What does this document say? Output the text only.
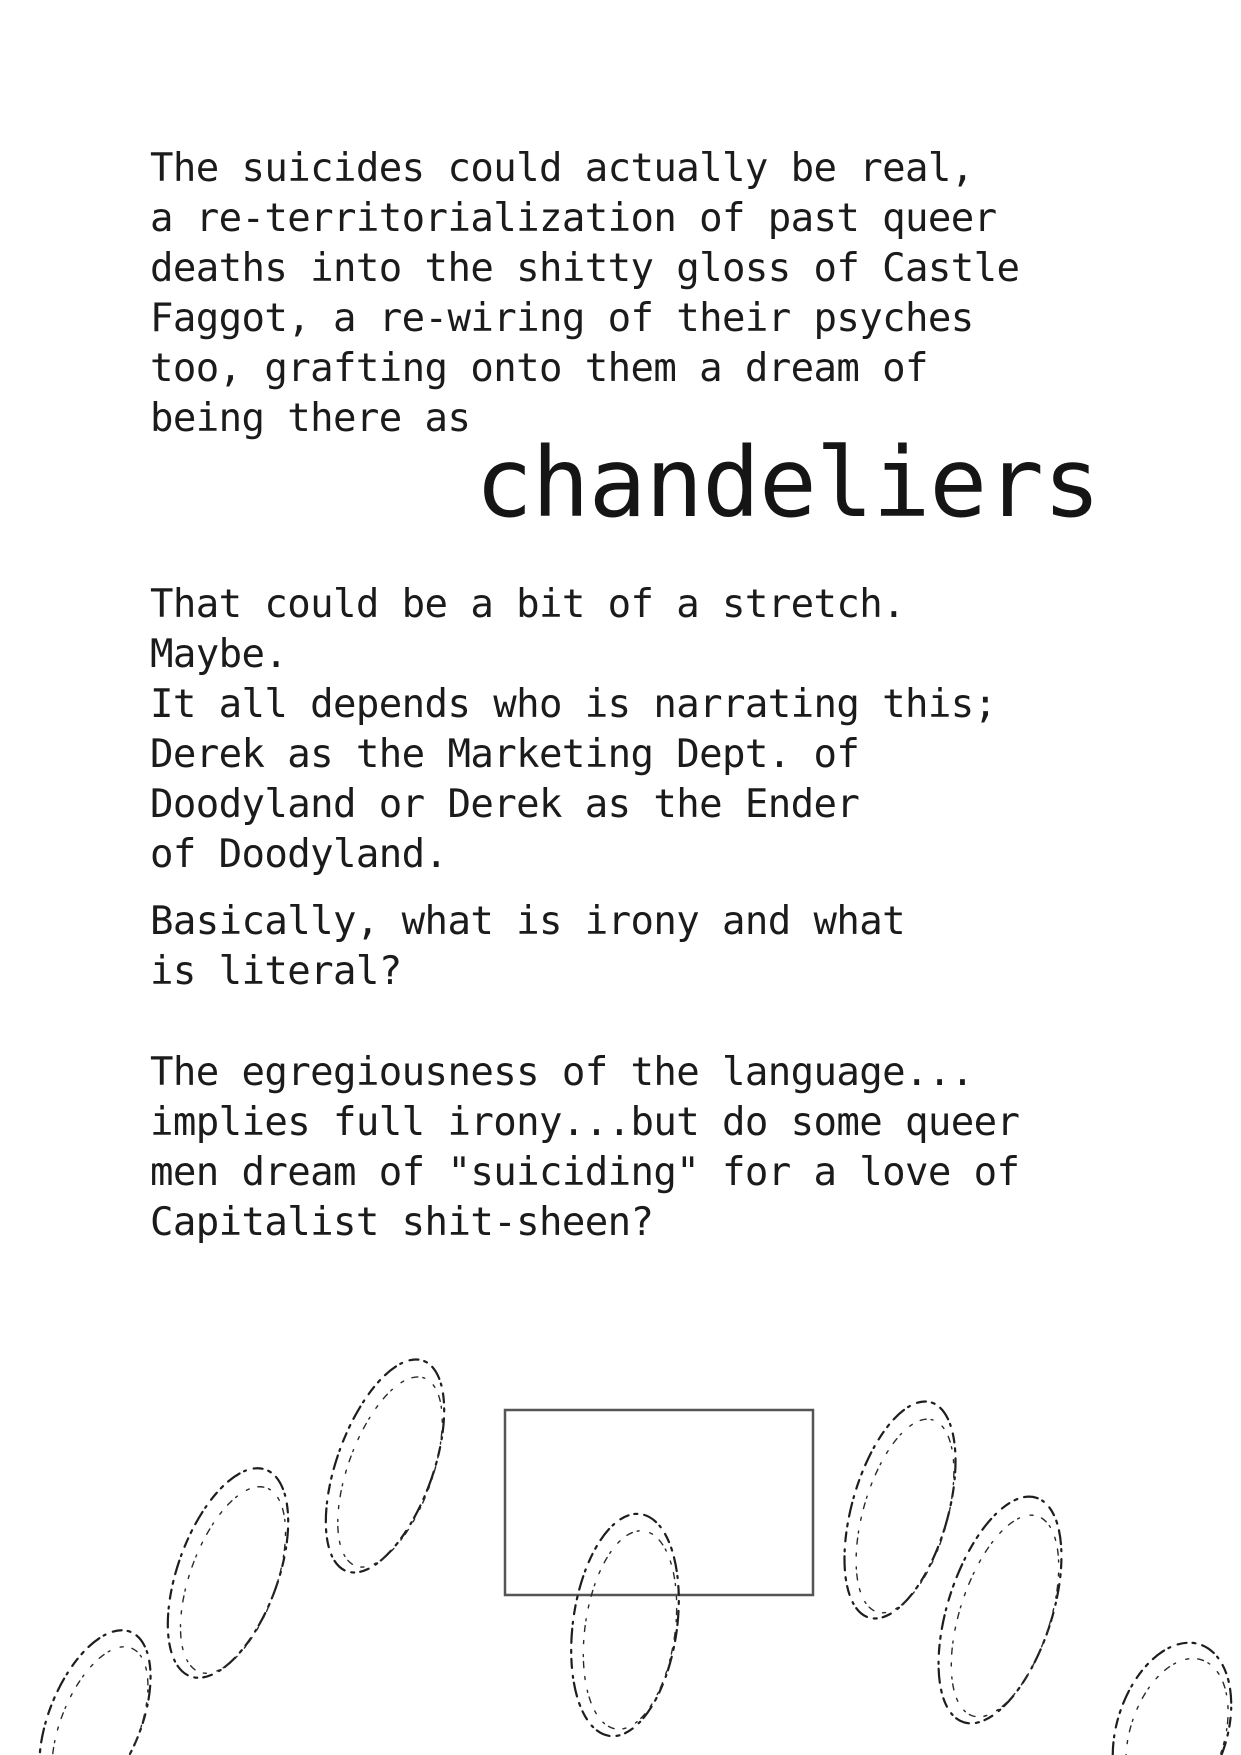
The suicides could actually be real,
a re-territorialization of past queer
deaths into the shitty gloss of Castle
Faggot, a re-wiring of their psyches
too, grafting onto them a dream of
being there as

chandeliers

That could be a bit of a stretch.
Maybe.
It all depends who is narrating this;
Derek as the Marketing Dept. of
Doodyland or Derek as the Ender
of Doodyland.

Basically, what is irony and what
is literal?

The egregiousness of the language...
implies full irony...but do some queer
men dream of "suiciding" for a love of
Capitalist shit-sheen?
